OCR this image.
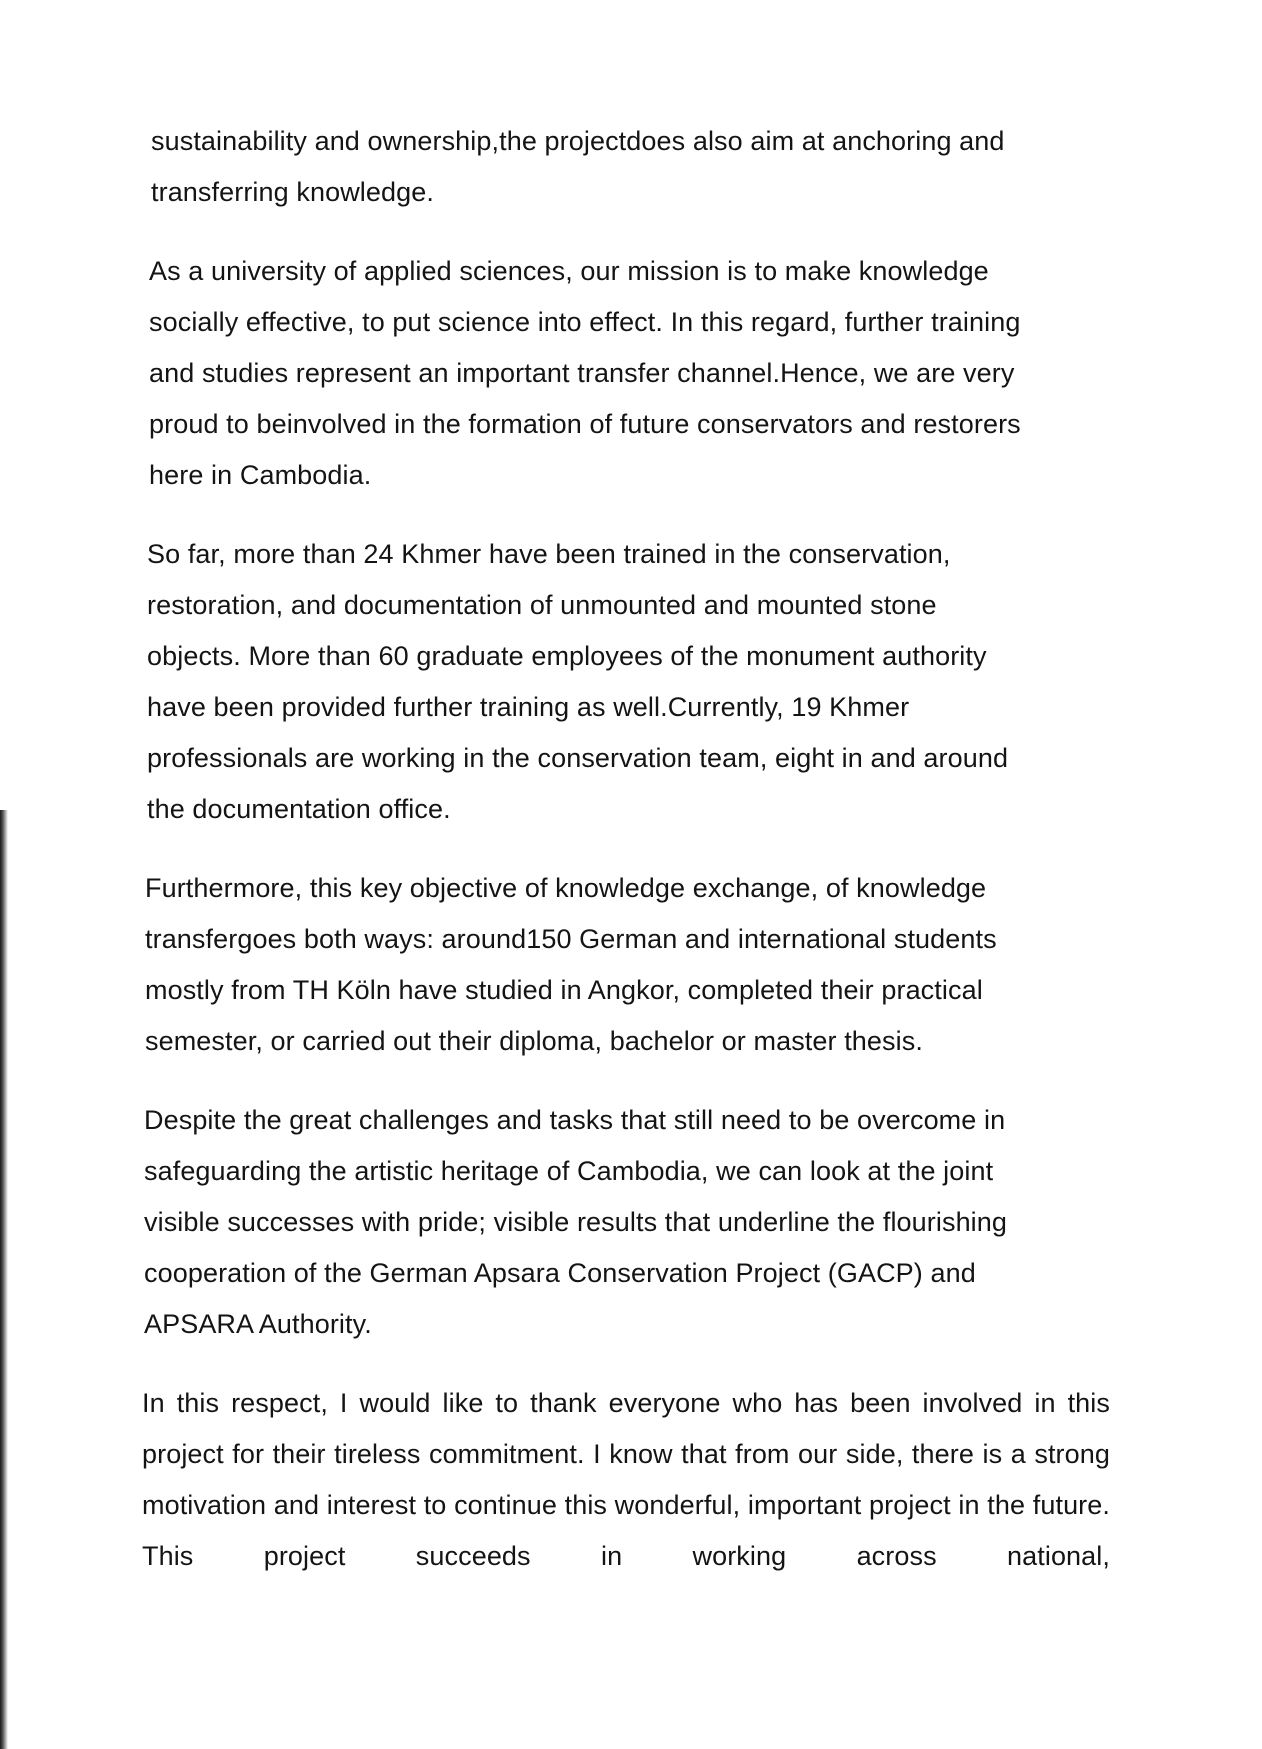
sustainability and ownership,the projectdoes also aim at anchoring and
transferring knowledge.

As a university of applied sciences, our mission is to make knowledge
socially effective, to put science into effect. In this regard, further training
and studies represent an important transfer channel.Hence, we are very
proud to beinvolved in the formation of future conservators and restorers
here in Cambodia.

So far, more than 24 Khmer have been trained in the conservation,
restoration, and documentation of unmounted and mounted stone
objects. More than 60 graduate employees of the monument authority
have been provided further training as well.Currently, 19 Khmer
professionals are working in the conservation team, eight in and around
the documentation office.

Furthermore, this key objective of knowledge exchange, of knowledge
transfergoes both ways: around150 German and international students
mostly from TH Köln have studied in Angkor, completed their practical
semester, or carried out their diploma, bachelor or master thesis.

Despite the great challenges and tasks that still need to be overcome in
safeguarding the artistic heritage of Cambodia, we can look at the joint
visible successes with pride; visible results that underline the flourishing
cooperation of the German Apsara Conservation Project (GACP) and
APSARA Authority.

In this respect, I would like to thank everyone who has been involved in this project for their tireless commitment. I know that from our side, there is a strong motivation and interest to continue this wonderful, important project in the future. This project succeeds in working across national,
